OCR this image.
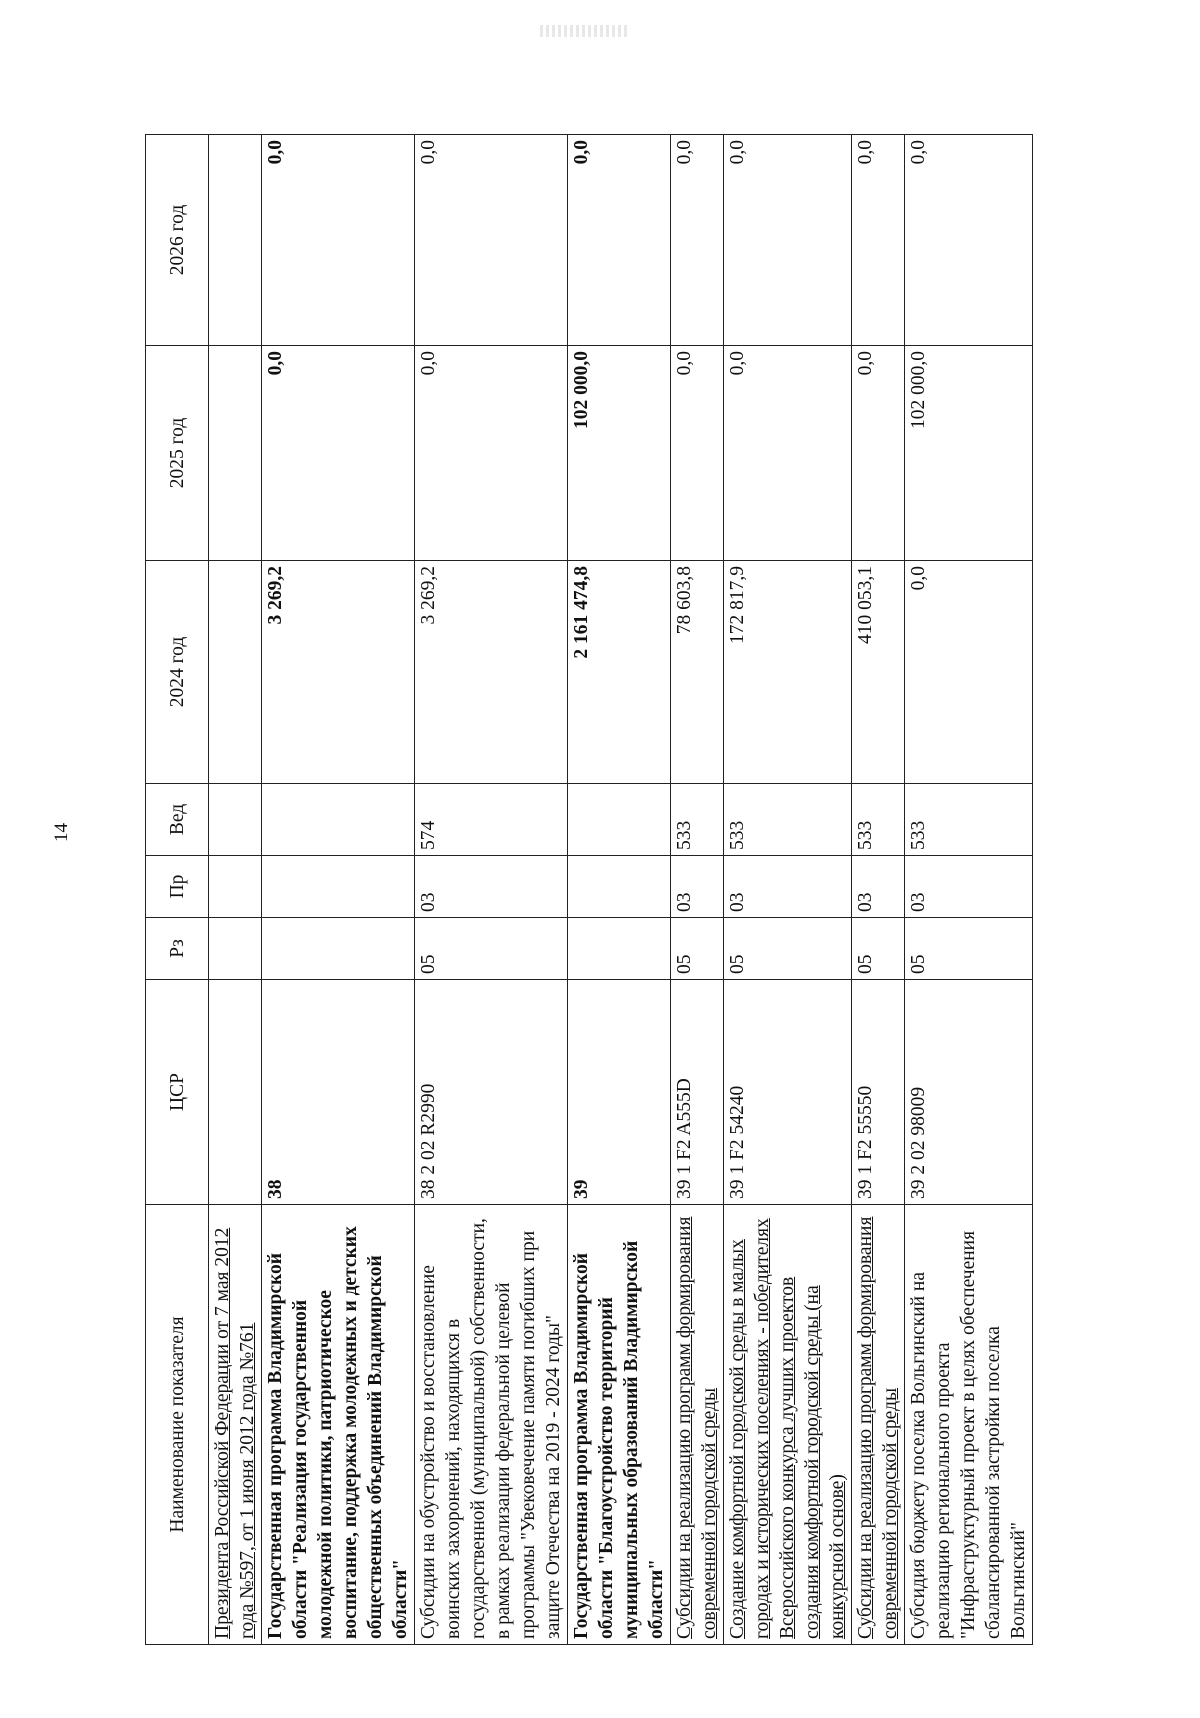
14
Наименование показателя	ЦСР	Рз	Пр	Вед	2024 год	2025 год	2026 год
Президента Российской Федерации от 7 мая 2012 года №597, от 1 июня 2012 года №761							
Государственная программа Владимирской области "Реализация государственной молодежной политики, патриотическое воспитание, поддержка молодежных и детских общественных объединений Владимирской области"	38				3 269,2	0,0	0,0
Субсидии на обустройство и восстановление воинских захоронений, находящихся в государственной (муниципальной) собственности, в рамках реализации федеральной целевой программы "Увековечение памяти погибших при защите Отечества на 2019 - 2024 годы"	38 2 02 R2990	05	03	574	3 269,2	0,0	0,0
Государственная программа Владимирской области "Благоустройство территорий муниципальных образований Владимирской области"	39				2 161 474,8	102 000,0	0,0
Субсидии на реализацию программ формирования современной городской среды	39 1 F2 A555D	05	03	533	78 603,8	0,0	0,0
Создание комфортной городской среды в малых городах и исторических поселениях - победителях Всероссийского конкурса лучших проектов создания комфортной городской среды (на конкурсной основе)	39 1 F2 54240	05	03	533	172 817,9	0,0	0,0
Субсидии на реализацию программ формирования современной городской среды	39 1 F2 55550	05	03	533	410 053,1	0,0	0,0
Субсидия бюджету поселка Вольгинский на реализацию регионального проекта "Инфраструктурный проект в целях обеспечения сбалансированной застройки поселка Вольгинский"	39 2 02 98009	05	03	533	0,0	102 000,0	0,0
